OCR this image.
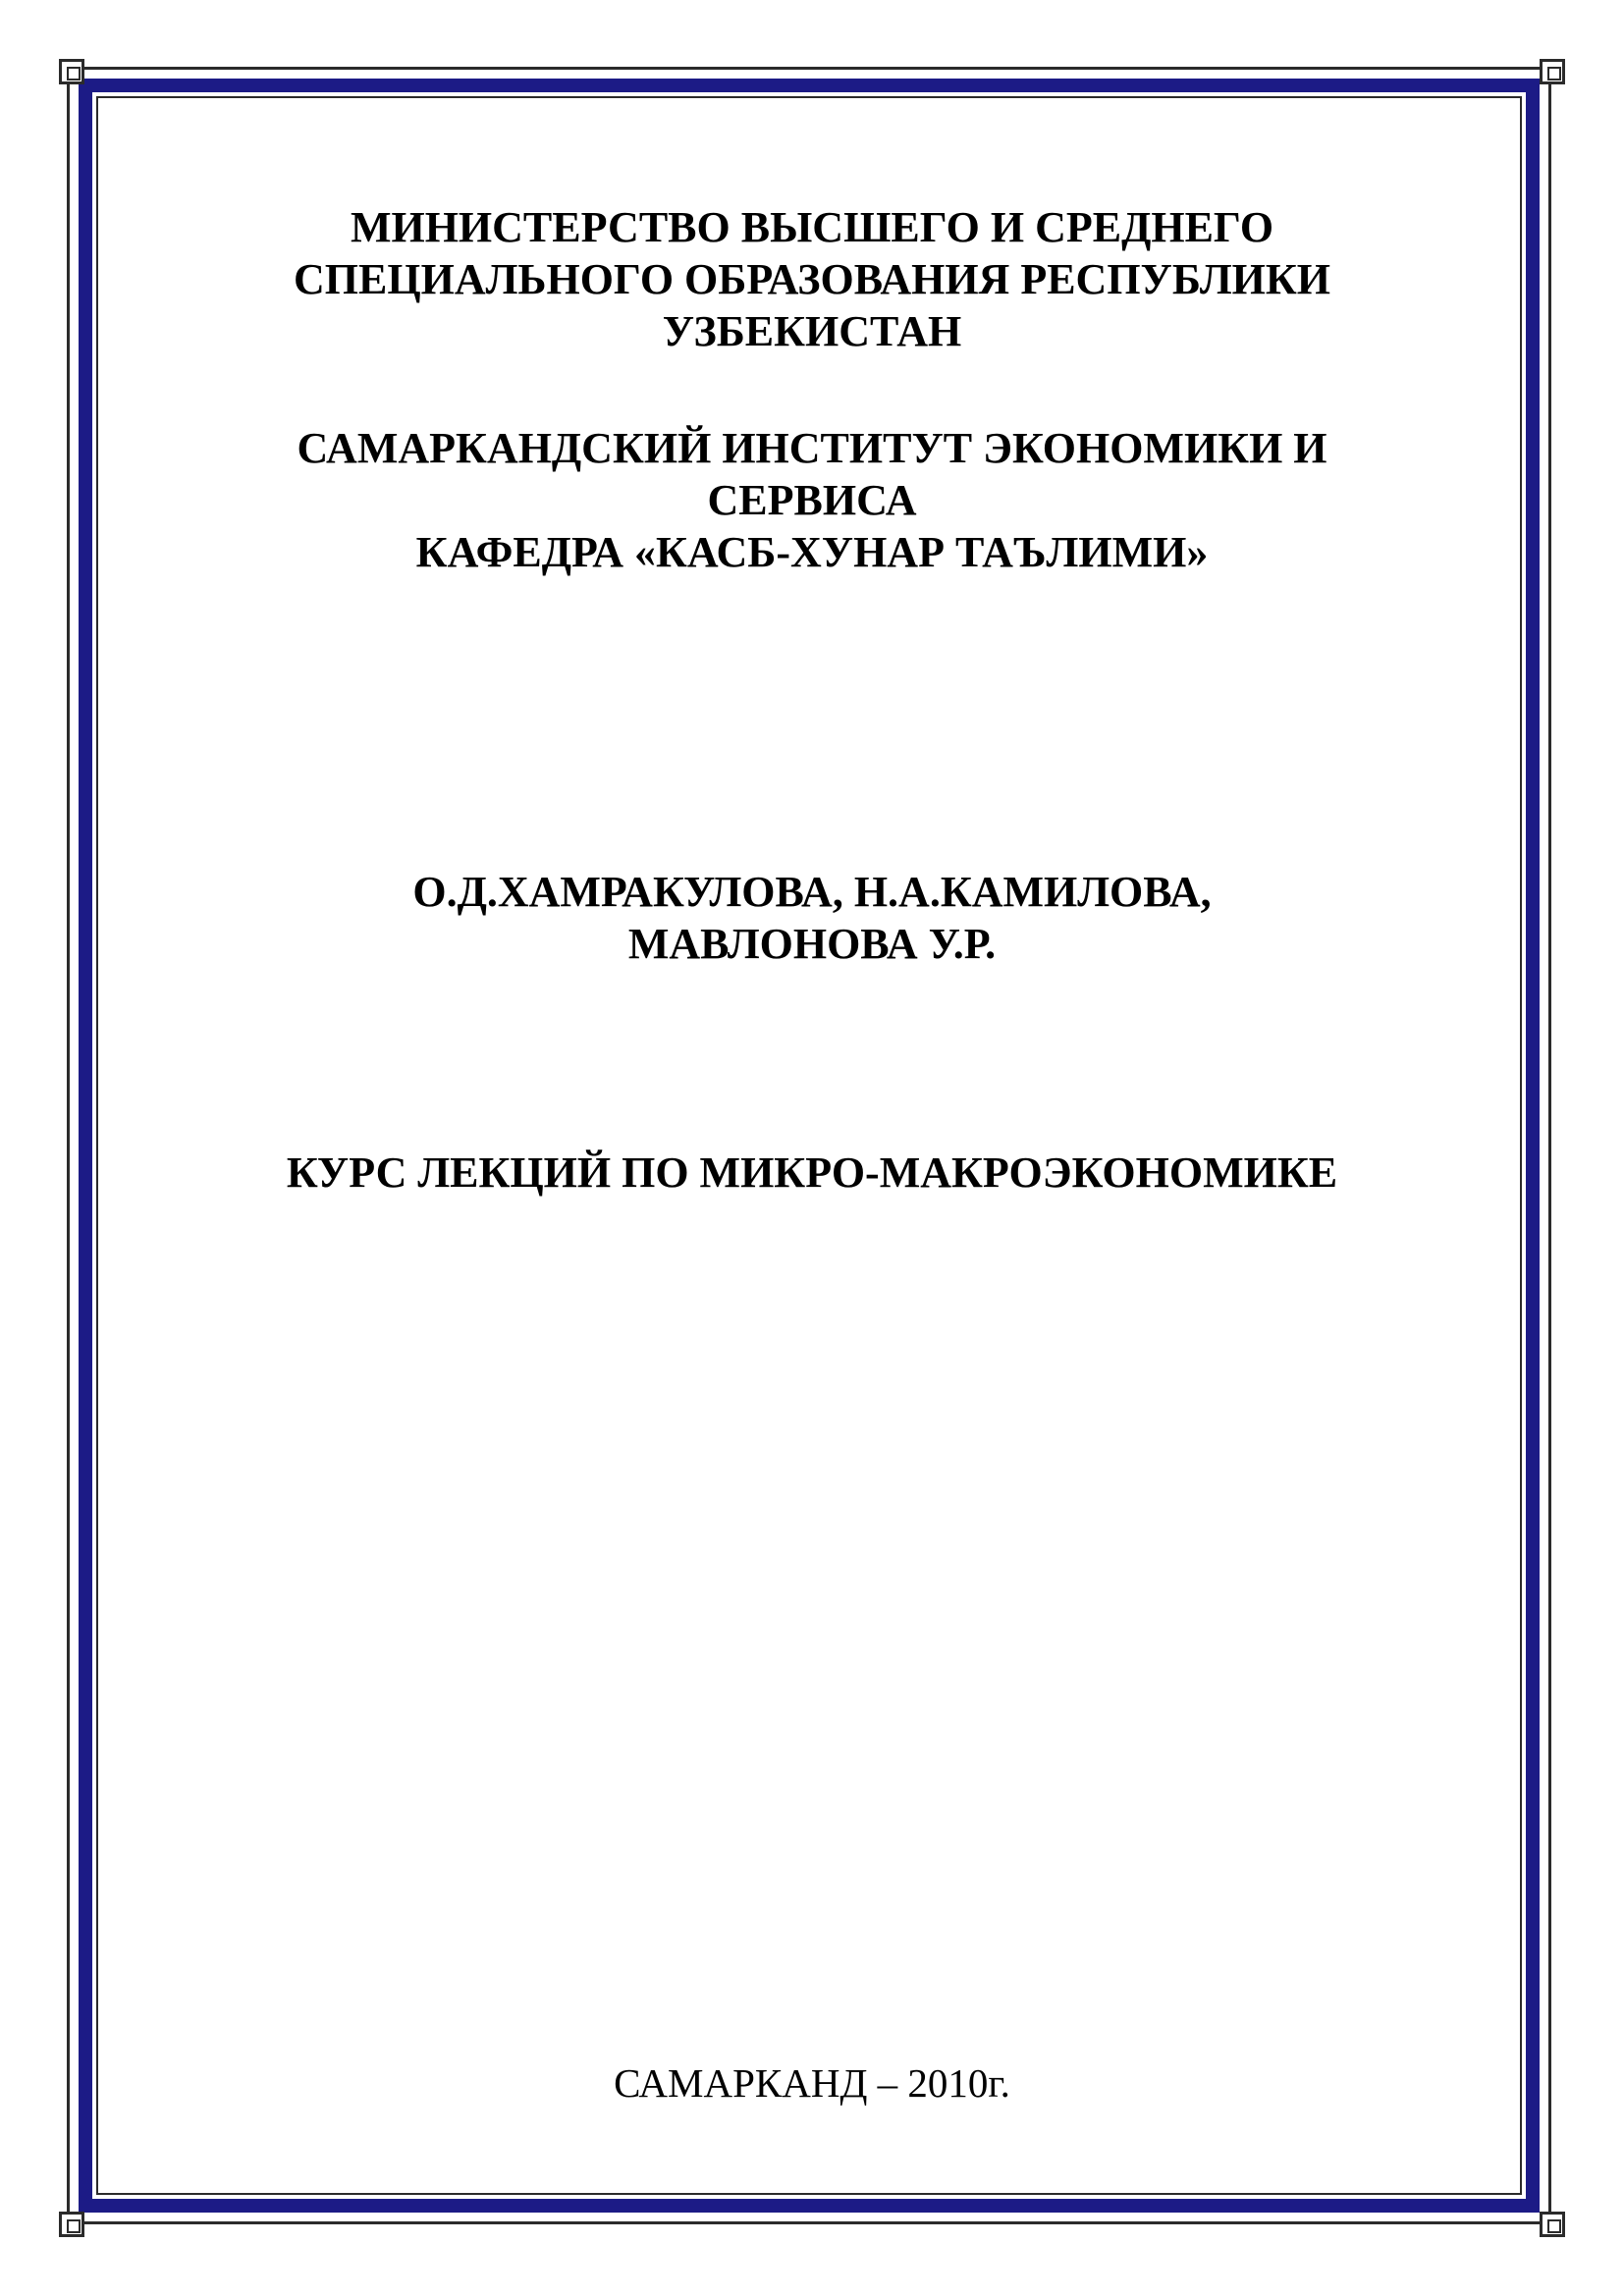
МИНИСТЕРСТВО ВЫСШЕГО И СРЕДНЕГО
СПЕЦИАЛЬНОГО ОБРАЗОВАНИЯ РЕСПУБЛИКИ
УЗБЕКИСТАН
САМАРКАНДСКИЙ ИНСТИТУТ ЭКОНОМИКИ И
СЕРВИСА
КАФЕДРА «КАСБ-ХУНАР ТАЪЛИМИ»
О.Д.ХАМРАКУЛОВА, Н.А.КАМИЛОВА,
МАВЛОНОВА У.Р.
КУРС ЛЕКЦИЙ ПО МИКРО-МАКРОЭКОНОМИКЕ
САМАРКАНД – 2010г.
